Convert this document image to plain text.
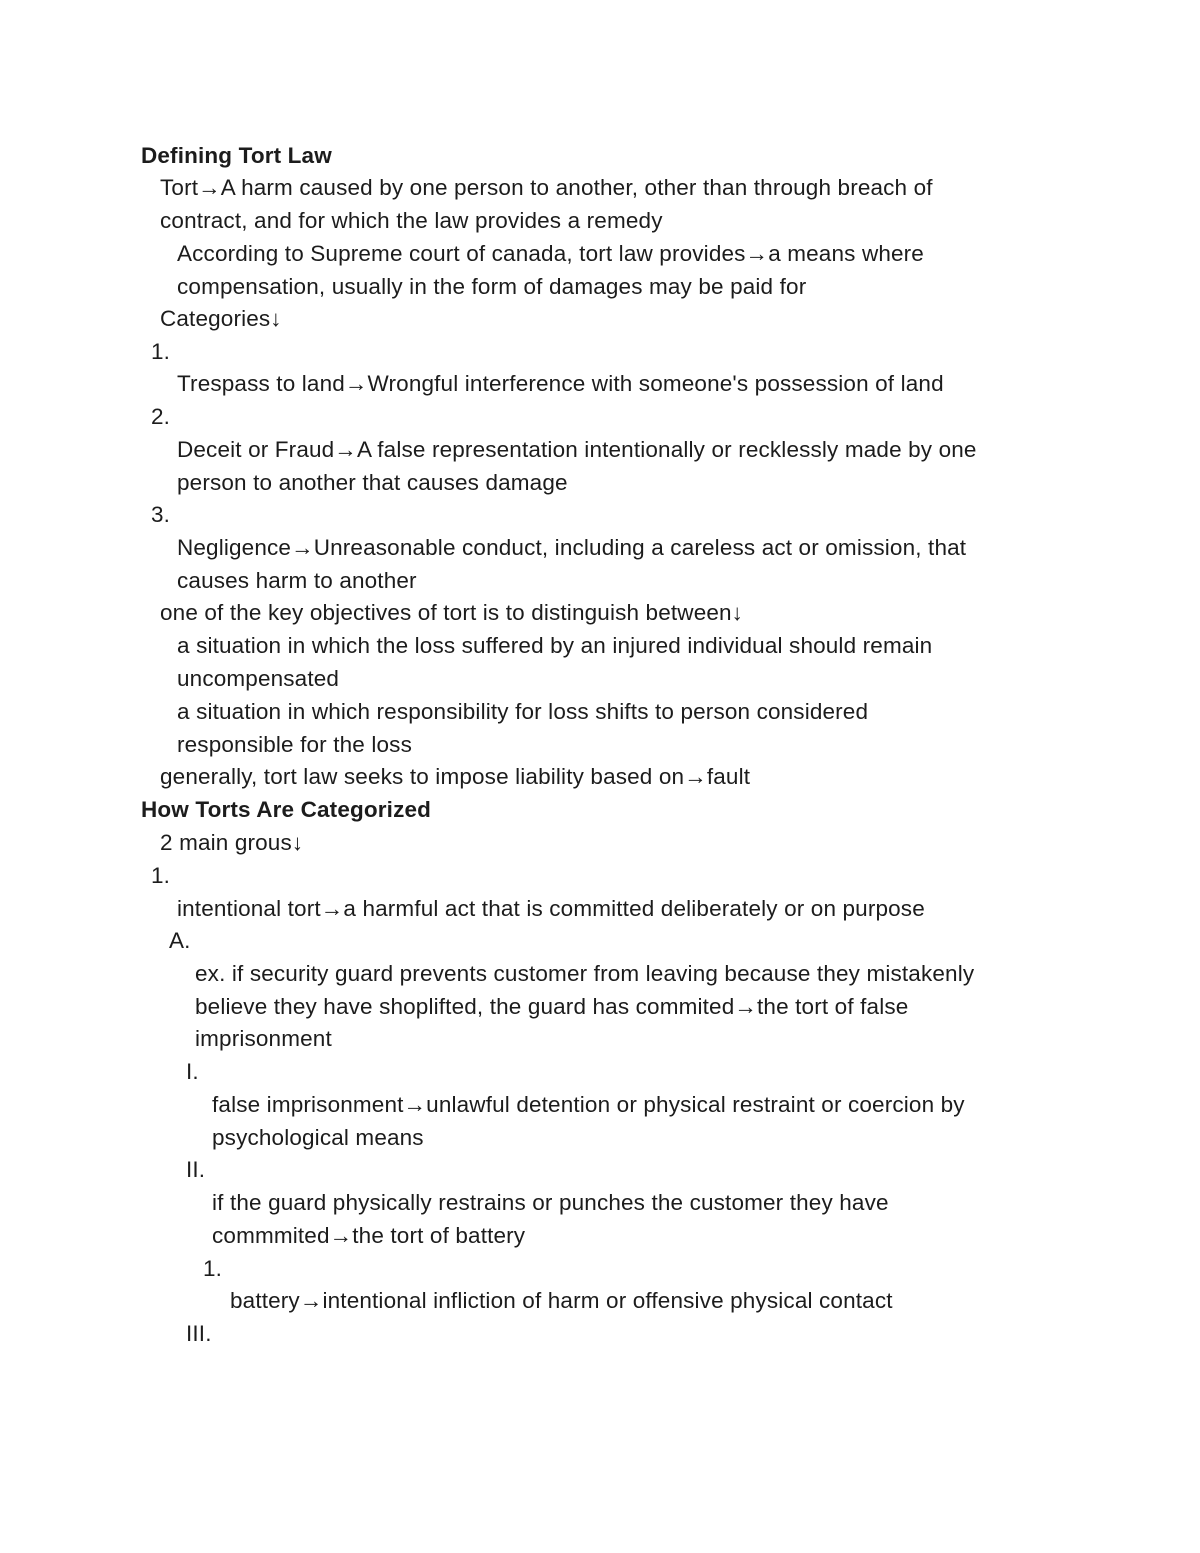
Defining Tort Law
Tort→A harm caused by one person to another, other than through breach of
contract, and for which the law provides a remedy
According to Supreme court of canada, tort law provides→a means where
compensation, usually in the form of damages may be paid for
Categories↓
1.
Trespass to land→Wrongful interference with someone's possession of land
2.
Deceit or Fraud→A false representation intentionally or recklessly made by one
person to another that causes damage
3.
Negligence→Unreasonable conduct, including a careless act or omission, that
causes harm to another
one of the key objectives of tort is to distinguish between↓
a situation in which the loss suffered by an injured individual should remain
uncompensated
a situation in which responsibility for loss shifts to person considered
responsible for the loss
generally, tort law seeks to impose liability based on→fault
How Torts Are Categorized
2 main grous↓
1.
intentional tort→a harmful act that is committed deliberately or on purpose
A.
ex. if security guard prevents customer from leaving because they mistakenly
believe they have shoplifted, the guard has commited→the tort of false
imprisonment
I.
false imprisonment→unlawful detention or physical restraint or coercion by
psychological means
II.
if the guard physically restrains or punches the customer they have
commmited→the tort of battery
1.
battery→intentional infliction of harm or offensive physical contact
III.
